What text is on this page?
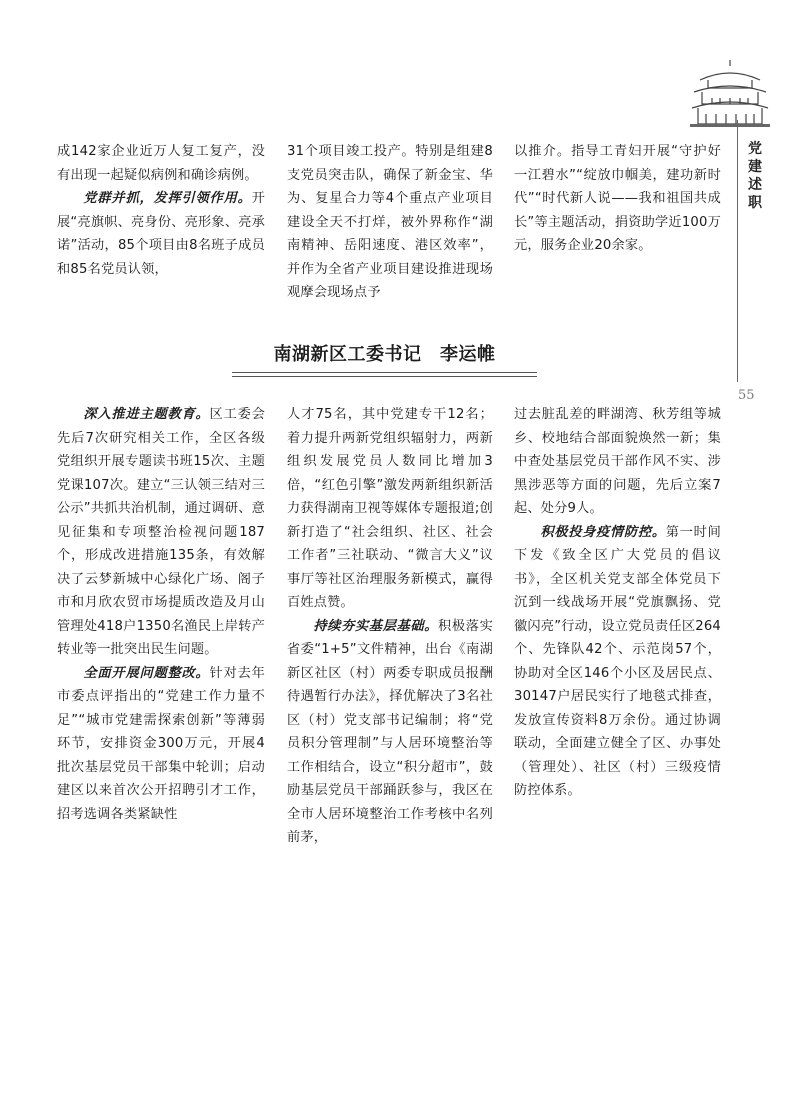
党建述职
55

成142家企业近万人复工复产，没有出现一起疑似病例和确诊病例。

党群并抓，发挥引领作用。开展“亮旗帜、亮身份、亮形象、亮承诺”活动，85个项目由8名班子成员和85名党员认领，

31个项目竣工投产。特别是组建8支党员突击队，确保了新金宝、华为、复星合力等4个重点产业项目建设全天不打烊，被外界称作“湖南精神、岳阳速度、港区效率”，并作为全省产业项目建设推进现场观摩会现场点予

以推介。指导工青妇开展“守护好一江碧水”“绽放巾帼美，建功新时代”“时代新人说——我和祖国共成长”等主题活动，捐资助学近100万元，服务企业20余家。

南湖新区工委书记　李运帷

深入推进主题教育。区工委会先后7次研究相关工作，全区各级党组织开展专题读书班15次、主题党课107次。建立“三认领三结对三公示”共抓共治机制，通过调研、意见征集和专项整治检视问题187个，形成改进措施135条，有效解决了云梦新城中心绿化广场、阁子市和月欣农贸市场提质改造及月山管理处418户1350名渔民上岸转产转业等一批突出民生问题。

全面开展问题整改。针对去年市委点评指出的“党建工作力量不足”“城市党建需探索创新”等薄弱环节，安排资金300万元，开展4批次基层党员干部集中轮训；启动建区以来首次公开招聘引才工作，招考选调各类紧缺性

人才75名，其中党建专干12名；着力提升两新党组织辐射力，两新组织发展党员人数同比增加3倍，“红色引擎”激发两新组织新活力获得湖南卫视等媒体专题报道;创新打造了“社会组织、社区、社会工作者”三社联动、“微言大义”议事厅等社区治理服务新模式，赢得百姓点赞。

持续夯实基层基础。积极落实省委“1+5”文件精神，出台《南湖新区社区（村）两委专职成员报酬待遇暂行办法》，择优解决了3名社区（村）党支部书记编制；将“党员积分管理制”与人居环境整治等工作相结合，设立“积分超市”，鼓励基层党员干部踊跃参与，我区在全市人居环境整治工作考核中名列前茅，

过去脏乱差的畔湖湾、秋芳组等城乡、校地结合部面貌焕然一新；集中查处基层党员干部作风不实、涉黑涉恶等方面的问题，先后立案7起、处分9人。

积极投身疫情防控。第一时间下发《致全区广大党员的倡议书》，全区机关党支部全体党员下沉到一线战场开展“党旗飘扬、党徽闪亮”行动，设立党员责任区264个、先锋队42个、示范岗57个，协助对全区146个小区及居民点、30147户居民实行了地毯式排查，发放宣传资料8万余份。通过协调联动，全面建立健全了区、办事处（管理处）、社区（村）三级疫情防控体系。
